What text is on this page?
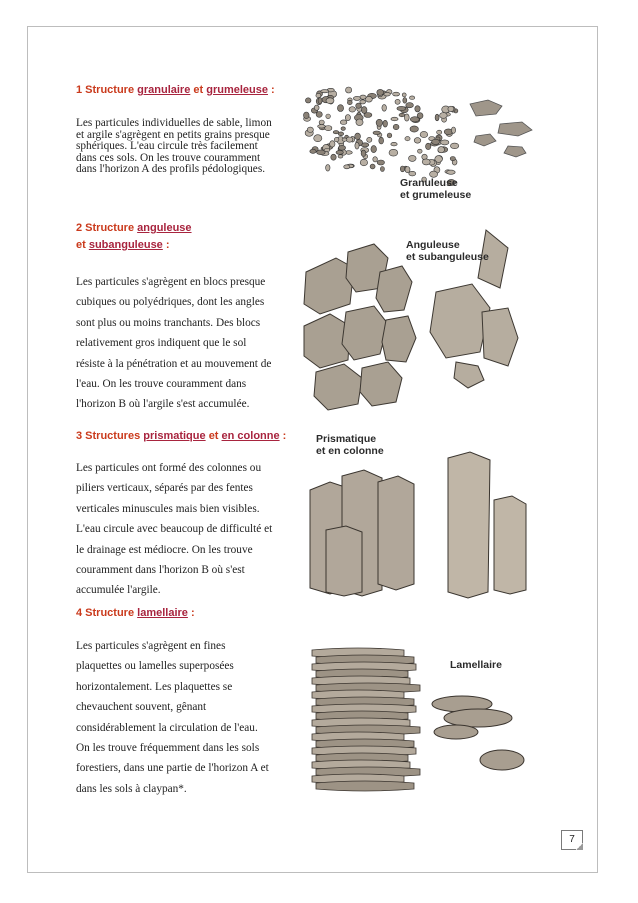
1 Structure granulaire et grumeleuse :
Les particules individuelles de sable, limon
et argile s'agrègent en petits grains presque
sphériques. L'eau circule très facilement
dans ces sols. On les trouve couramment
dans l'horizon A des profils pédologiques.
2 Structure anguleuse
et subanguleuse :
Les particules s'agrègent en blocs presque
cubiques ou polyédriques, dont les angles
sont plus ou moins tranchants. Des blocs
relativement gros indiquent que le sol
résiste à la pénétration et au mouvement de
l'eau. On les trouve couramment dans
l'horizon B où l'argile s'est accumulée.
3 Structures prismatique et en colonne :
Les particules ont formé des colonnes ou
piliers verticaux, séparés par des fentes
verticales minuscules mais bien visibles.
L'eau circule avec beaucoup de difficulté et
le drainage est médiocre. On les trouve
couramment dans l'horizon B où s'est
accumulée l'argile.
4 Structure lamellaire :
Les particules s'agrègent en fines
plaquettes ou lamelles superposées
horizontalement. Les plaquettes se
chevauchent souvent, gênant
considérablement la circulation de l'eau.
On les trouve fréquemment dans les sols
forestiers, dans une partie de l'horizon A et
dans les sols à claypan*.
Granuleuse
et grumeleuse
Anguleuse
et subanguleuse
Prismatique
et en colonne
Lamellaire
7
